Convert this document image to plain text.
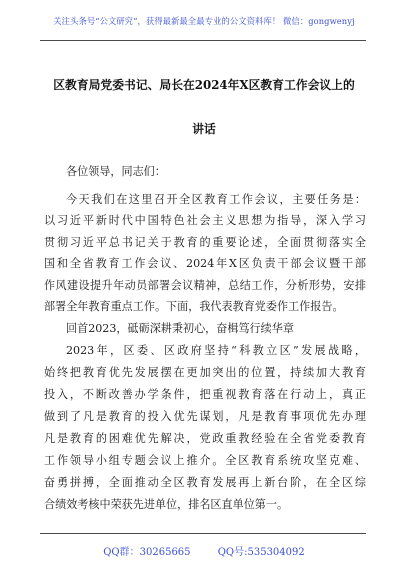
关注头条号“公文研究”，获得最新最全最专业的公文资料库！ 微信：gongwenyj
区教育局党委书记、局长在2024年X区教育工作会议上的
讲话
各位领导，同志们：
今天我们在这里召开全区教育工作会议，主要任务是：
以习近平新时代中国特色社会主义思想为指导，深入学习
贯彻习近平总书记关于教育的重要论述，全面贯彻落实全
国和全省教育工作会议、2024年X区负责干部会议暨干部
作风建设提升年动员部署会议精神，总结工作，分析形势，安排
部署全年教育重点工作。下面，我代表教育党委作工作报告。
回首2023，砥砺深耕秉初心，奋楫笃行续华章
2023年，区委、区政府坚持“科教立区”发展战略，
始终把教育优先发展摆在更加突出的位置，持续加大教育
投入，不断改善办学条件，把重视教育落在行动上，真正
做到了凡是教育的投入优先谋划，凡是教育事项优先办理
凡是教育的困难优先解决，党政重教经验在全省党委教育
工作领导小组专题会议上推介。全区教育系统攻坚克难、
奋勇拼搏，全面推动全区教育发展再上新台阶，在全区综
合绩效考核中荣获先进单位，排名区直单位第一。
QQ群：30265665	QQ号:535304092
